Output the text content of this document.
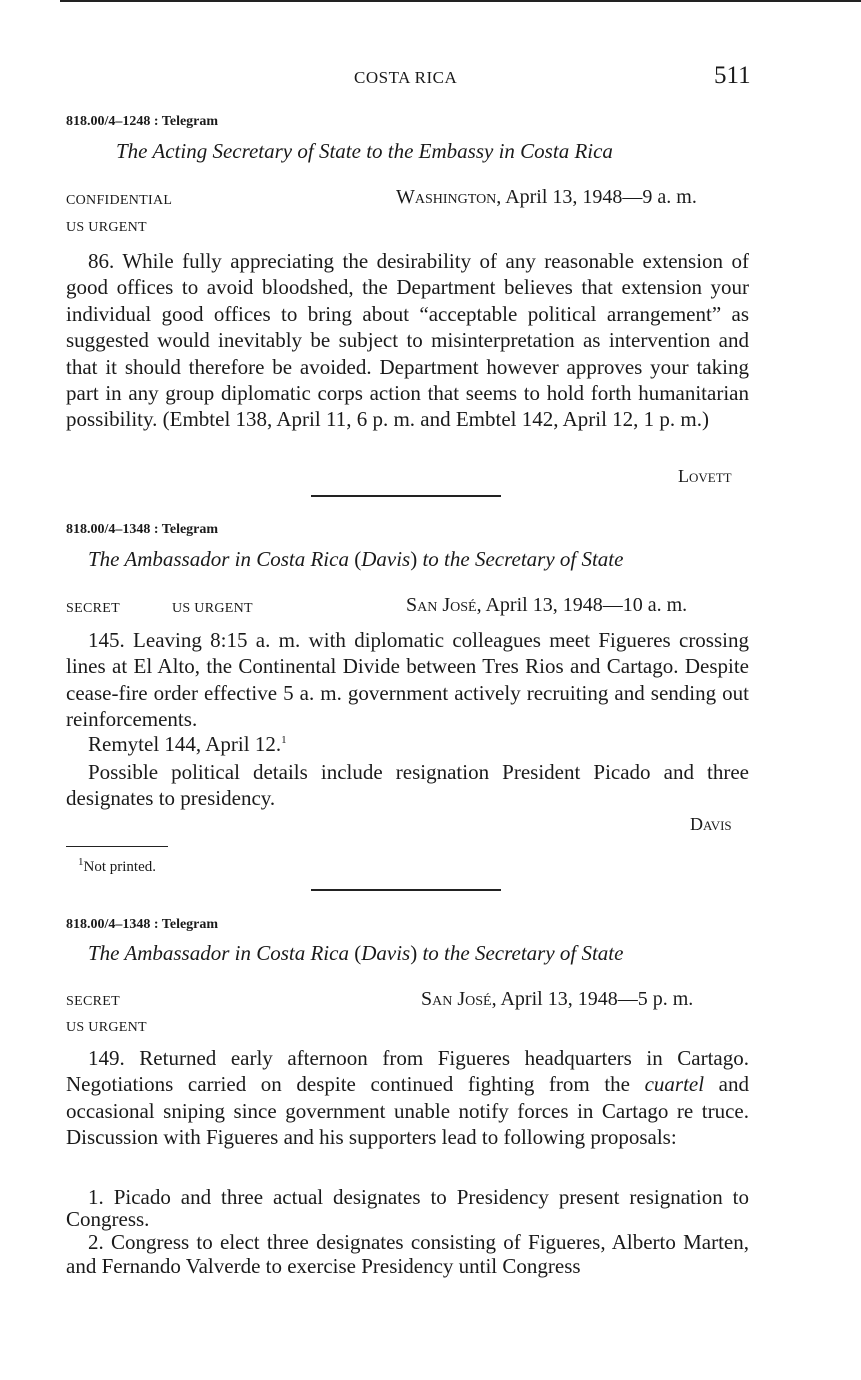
COSTA RICA	511
818.00/4–1248 : Telegram
The Acting Secretary of State to the Embassy in Costa Rica
CONFIDENTIAL
US URGENT
Washington, April 13, 1948—9 a. m.
86. While fully appreciating the desirability of any reasonable extension of good offices to avoid bloodshed, the Department believes that extension your individual good offices to bring about “acceptable political arrangement” as suggested would inevitably be subject to misinterpretation as intervention and that it should therefore be avoided. Department however approves your taking part in any group diplomatic corps action that seems to hold forth humanitarian possibility. (Embtel 138, April 11, 6 p. m. and Embtel 142, April 12, 1 p. m.)
Lovett
818.00/4–1348 : Telegram
The Ambassador in Costa Rica (Davis) to the Secretary of State
SECRET	US URGENT	San José, April 13, 1948—10 a. m.
145. Leaving 8:15 a. m. with diplomatic colleagues meet Figueres crossing lines at El Alto, the Continental Divide between Tres Rios and Cartago. Despite cease-fire order effective 5 a. m. government actively recruiting and sending out reinforcements.
Remytel 144, April 12.$^1$
Possible political details include resignation President Picado and three designates to presidency.
Davis
$^1$Not printed.
818.00/4–1348 : Telegram
The Ambassador in Costa Rica (Davis) to the Secretary of State
SECRET
US URGENT
San José, April 13, 1948—5 p. m.
149. Returned early afternoon from Figueres headquarters in Cartago. Negotiations carried on despite continued fighting from the cuartel and occasional sniping since government unable notify forces in Cartago re truce. Discussion with Figueres and his supporters lead to following proposals:
1. Picado and three actual designates to Presidency present resignation to Congress.
2. Congress to elect three designates consisting of Figueres, Alberto Marten, and Fernando Valverde to exercise Presidency until Congress
